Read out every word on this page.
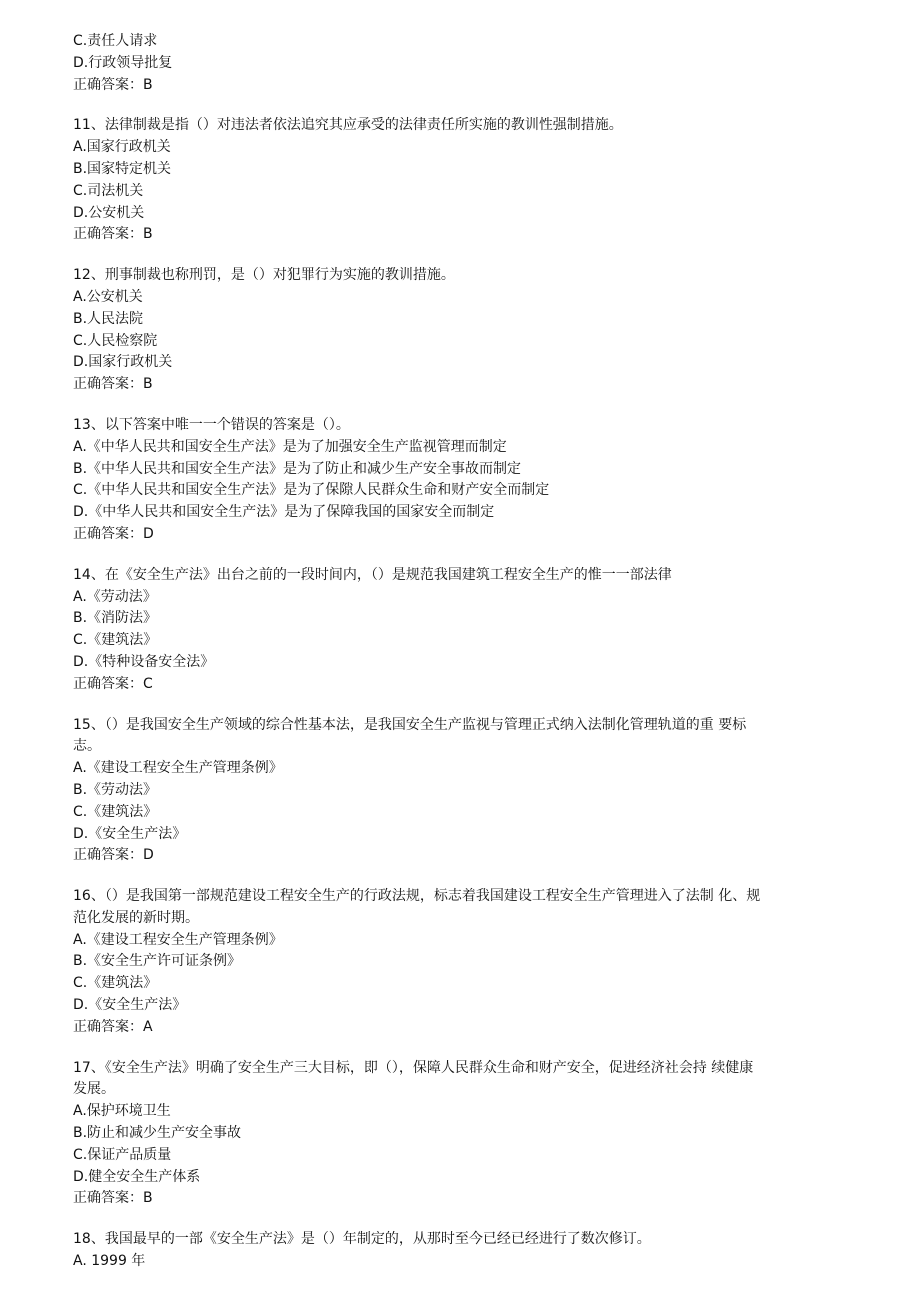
C.责任人请求
D.行政领导批复
正确答案：B
11、法律制裁是指（）对违法者依法追究其应承受的法律责任所实施的教训性强制措施。
A.国家行政机关
B.国家特定机关
C.司法机关
D.公安机关
正确答案：B
12、刑事制裁也称刑罚，是（）对犯罪行为实施的教训措施。
A.公安机关
B.人民法院
C.人民检察院
D.国家行政机关
正确答案：B
13、以下答案中唯一一个错误的答案是（）。
A.《中华人民共和国安全生产法》是为了加强安全生产监视管理而制定
B.《中华人民共和国安全生产法》是为了防止和减少生产安全事故而制定
C.《中华人民共和国安全生产法》是为了保隙人民群众生命和财产安全而制定
D.《中华人民共和国安全生产法》是为了保障我国的国家安全而制定
正确答案：D
14、在《安全生产法》出台之前的一段时间内，（）是规范我国建筑工程安全生产的惟一一部法律
A.《劳动法》
B.《消防法》
C.《建筑法》
D.《特种设备安全法》
正确答案：C
15、（）是我国安全生产领域的综合性基本法，是我国安全生产监视与管理正式纳入法制化管理轨道的重 要标
志。
A.《建设工程安全生产管理条例》
B.《劳动法》
C.《建筑法》
D.《安全生产法》
正确答案：D
16、（）是我国第一部规范建设工程安全生产的行政法规，标志着我国建设工程安全生产管理进入了法制 化、规
范化发展的新时期。
A.《建设工程安全生产管理条例》
B.《安全生产许可证条例》
C.《建筑法》
D.《安全生产法》
正确答案：A
17、《安全生产法》明确了安全生产三大目标，即（），保障人民群众生命和财产安全，促进经济社会持 续健康
发展。
A.保护环境卫生
B.防止和减少生产安全事故
C.保证产品质量
D.健全安全生产体系
正确答案：B
18、我国最早的一部《安全生产法》是（）年制定的，从那时至今已经已经进行了数次修订。
A. 1999 年
